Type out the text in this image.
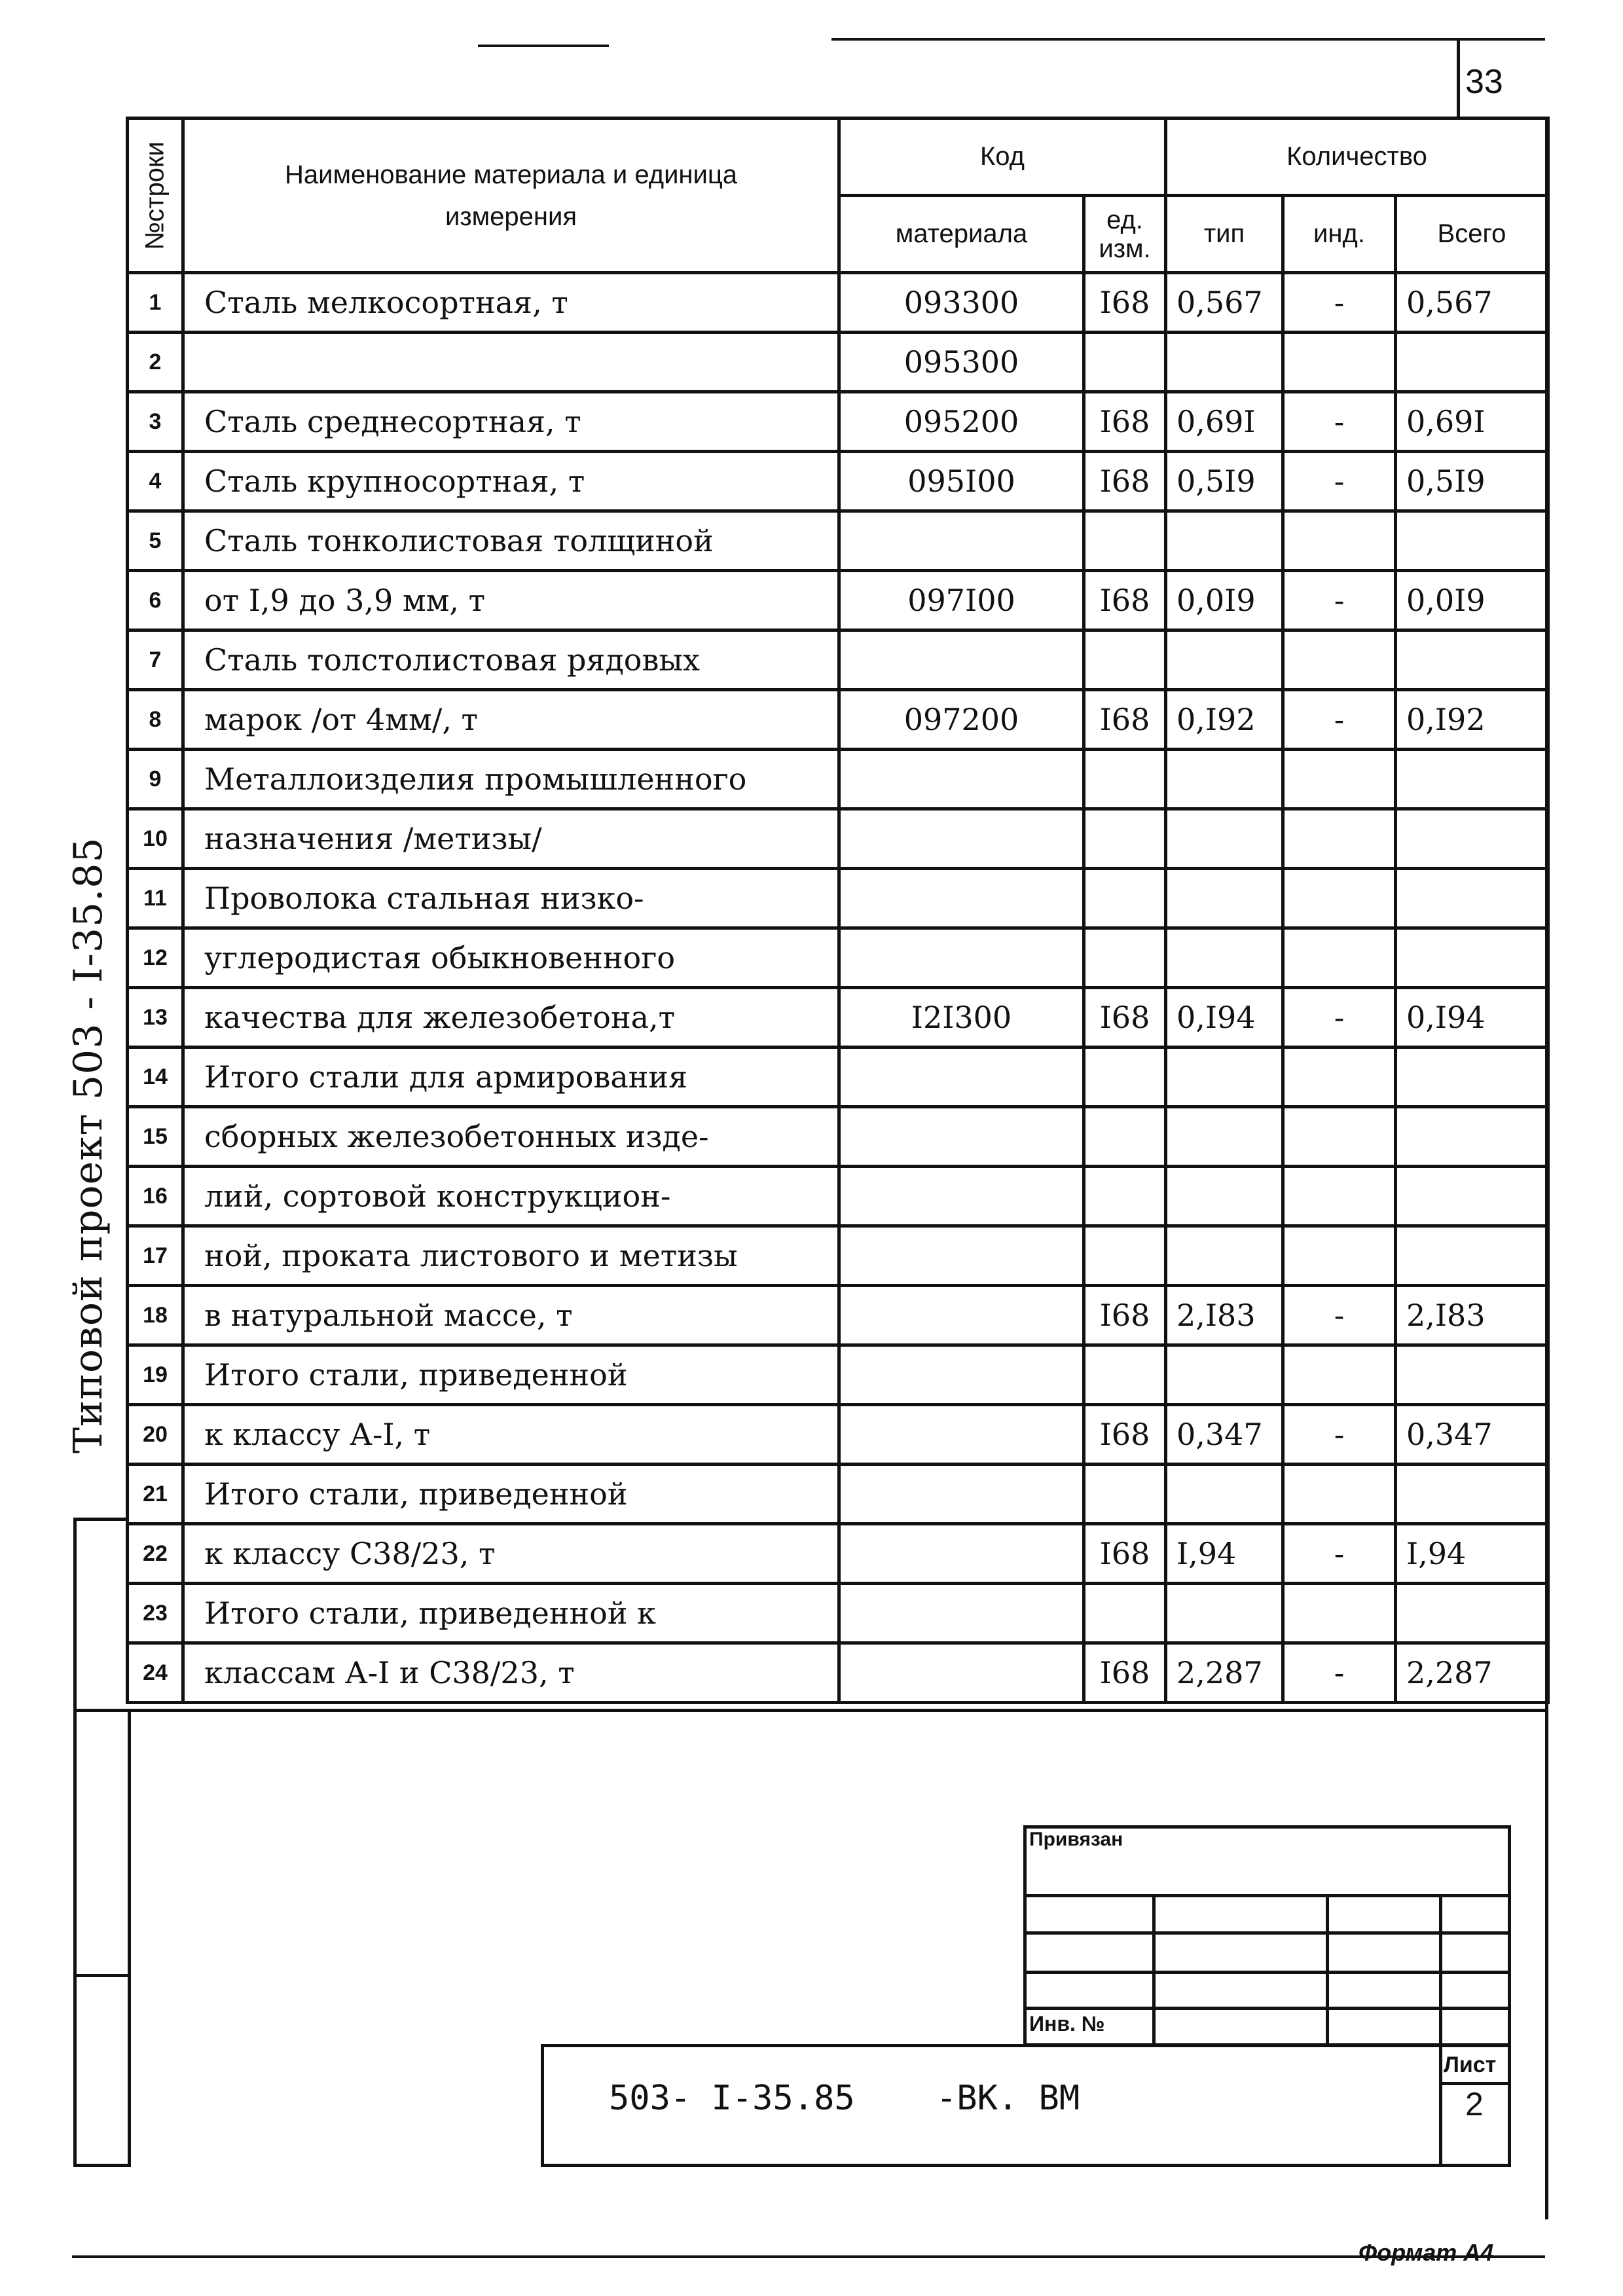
33
Типовой проект 503 - I-35.85
№строки	Наименование материала и единица измерения	Код		Количество		
		материала	ед. изм.	тип	инд.	Всего
1	Сталь мелкосортная, т	093300	I68	0,567	-	0,567
2		095300				
3	Сталь среднесортная, т	095200	I68	0,69I	-	0,69I
4	Сталь крупносортная, т	095I00	I68	0,5I9	-	0,5I9
5	Сталь тонколистовая толщиной					
6	от I,9 до 3,9 мм, т	097I00	I68	0,0I9	-	0,0I9
7	Сталь толстолистовая рядовых					
8	марок /от 4мм/, т	097200	I68	0,I92	-	0,I92
9	Металлоизделия промышленного					
10	назначения /метизы/					
11	Проволока стальная низко-					
12	углеродистая обыкновенного					
13	качества для железобетона,т	I2I300	I68	0,I94	-	0,I94
14	Итого стали для армирования					
15	сборных железобетонных изде-					
16	лий, сортовой конструкцион-					
17	ной, проката листового и метизы					
18	в натуральной массе, т		I68	2,I83	-	2,I83
19	Итого стали, приведенной					
20	к классу А-I, т		I68	0,347	-	0,347
21	Итого стали, приведенной					
22	к классу С38/23, т		I68	I,94	-	I,94
23	Итого стали, приведенной к					
24	классам А-I и С38/23, т		I68	2,287	-	2,287
Привязан
Инв. №
503- I-35.85 -ВК. ВМ
Лист
2
Формат А4
